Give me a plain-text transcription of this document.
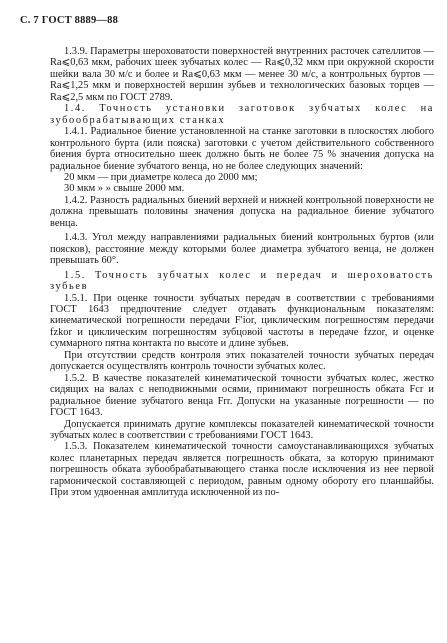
С. 7 ГОСТ 8889—88

1.3.9. Параметры шероховатости поверхностей внутренних расточек сателлитов — Ra⩽0,63 мкм, рабочих шеек зубчатых колес — Ra⩽0,32 мкм при окружной скорости шейки вала 30 м/с и более и Ra⩽0,63 мкм — менее 30 м/с, а контрольных буртов — Ra⩽1,25 мкм и поверхностей вершин зубьев и технологических базовых торцев — Ra⩽2,5 мкм по ГОСТ 2789.

1.4. Точность установки заготовок зубчатых колес на зубообрабатывающих станках

1.4.1. Радиальное биение установленной на станке заготовки в плоскостях любого контрольного бурта (или пояска) заготовки с учетом действительного собственного биения бурта относительно шеек должно быть не более 75 % значения допуска на радиальное биение зубчатого венца, но не более следующих значений:

20 мкм — при диаметре колеса до 2000 мм;

30 мкм » » свыше 2000 мм.

1.4.2. Разность радиальных биений верхней и нижней контрольной поверхности не должна превышать половины значения допуска на радиальное биение зубчатого венца.

1.4.3. Угол между направлениями радиальных биений контрольных буртов (или поясков), расстояние между которыми более диаметра зубчатого венца, не должен превышать 60°.

1.5. Точность зубчатых колес и передач и шероховатость зубьев

1.5.1. При оценке точности зубчатых передач в соответствии с требованиями ГОСТ 1643 предпочтение следует отдавать функциональным показателям: кинематической погрешности передачи F′ior, циклическим погрешностям передачи fzkor и циклическим погрешностям зубцовой частоты в передаче fzzor, и оценке суммарного пятна контакта по высоте и длине зубьев.

При отсутствии средств контроля этих показателей точности зубчатых передач допускается осуществлять контроль точности зубчатых колес.

1.5.2. В качестве показателей кинематической точности зубчатых колес, жестко сидящих на валах с неподвижными осями, принимают погрешность обката Fcr и радиальное биение зубчатого венца Frr. Допуски на указанные погрешности — по ГОСТ 1643.

Допускается принимать другие комплексы показателей кинематической точности зубчатых колес в соответствии с требованиями ГОСТ 1643.

1.5.3. Показателем кинематической точности самоустанавливающихся зубчатых колес планетарных передач является погрешность обката, за которую принимают погрешность обката зубообрабатывающего станка после исключения из нее первой гармонической составляющей с периодом, равным одному обороту его планшайбы. При этом удвоенная амплитуда исключенной из по-
